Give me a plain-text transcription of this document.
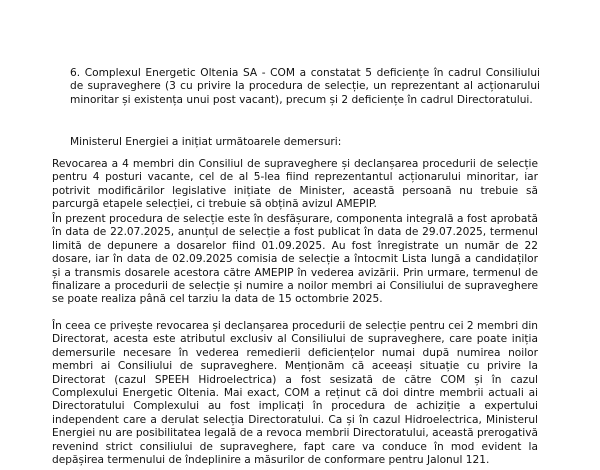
6. Complexul Energetic Oltenia SA - COM a constatat 5 deficiențe în cadrul Consiliului de supraveghere (3 cu privire la procedura de selecție, un reprezentant al acționarului minoritar și existența unui post vacant), precum și 2 deficiențe în cadrul Directoratului.

Ministerul Energiei a inițiat următoarele demersuri:

Revocarea a 4 membri din Consiliul de supraveghere și declanșarea procedurii de selecție pentru 4 posturi vacante, cel de al 5-lea fiind reprezentantul acționarului minoritar, iar potrivit modificărilor legislative inițiate de Minister, această persoană nu trebuie să parcurgă etapele selecției, ci trebuie să obțină avizul AMEPIP.

În prezent procedura de selecție este în desfășurare, componenta integrală a fost aprobată în data de 22.07.2025, anunțul de selecție a fost publicat în data de 29.07.2025, termenul limită de depunere a dosarelor fiind 01.09.2025. Au fost înregistrate un număr de 22 dosare, iar în data de 02.09.2025 comisia de selecție a întocmit Lista lungă a candidaților și a transmis dosarele acestora către AMEPIP în vederea avizării. Prin urmare, termenul de finalizare a procedurii de selecție și numire a noilor membri ai Consiliului de supraveghere se poate realiza până cel tarziu la data de 15 octombrie 2025.

În ceea ce privește revocarea și declanșarea procedurii de selecție pentru cei 2 membri din Directorat, acesta este atributul exclusiv al Consiliului de supraveghere, care poate iniția demersurile necesare în vederea remedierii deficiențelor numai după numirea noilor membri ai Consiliului de supraveghere. Menționăm că aceeași situație cu privire la Directorat (cazul SPEEH Hidroelectrica) a fost sesizată de către COM și în cazul Complexului Energetic Oltenia. Mai exact, COM a reținut că doi dintre membrii actuali ai Directoratului Complexului au fost implicați în procedura de achiziție a expertului independent care a derulat selecția Directoratului. Ca și în cazul Hidroelectrica, Ministerul Energiei nu are posibilitatea legală de a revoca membrii Directoratului, această prerogativă revenind strict consiliului de supraveghere, fapt care va conduce în mod evident la depășirea termenului de îndeplinire a măsurilor de conformare pentru Jalonul 121.
